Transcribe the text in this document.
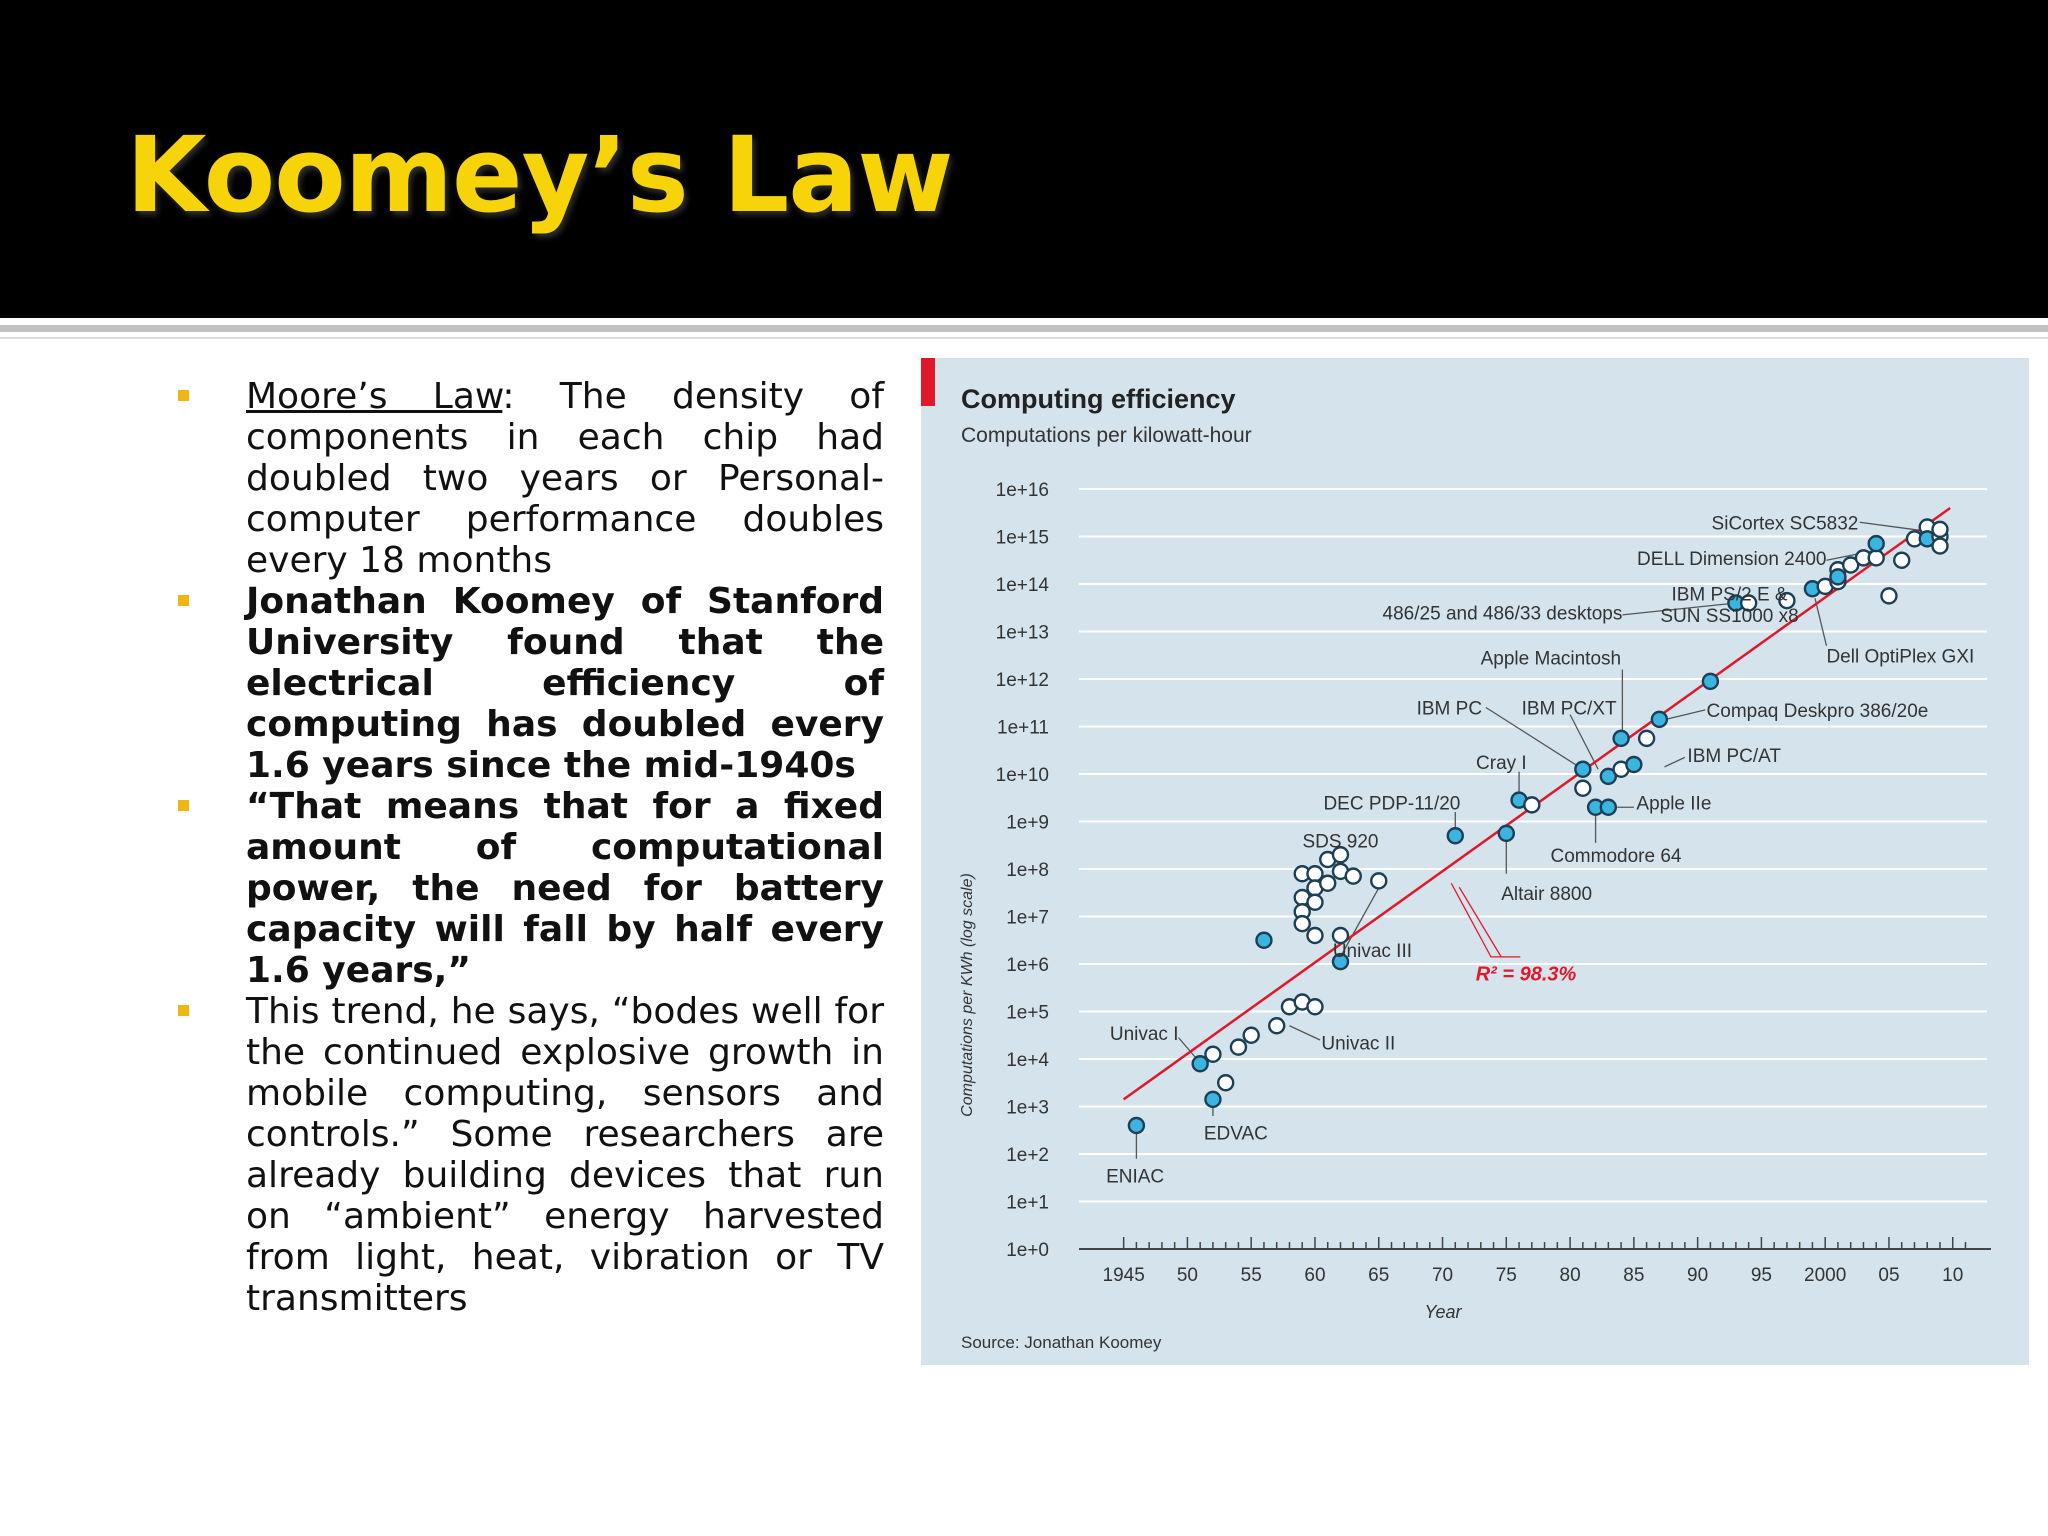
Koomey’s Law
Moore’s Law: The density of components in each chip had doubled two years or Personal-computer performance doubles every 18 months
Jonathan Koomey of Stanford University found that the electrical efficiency of computing has doubled every 1.6 years since the mid-1940s
“That means that for a fixed amount of computational power, the need for battery capacity will fall by half every 1.6 years,”
This trend, he says, “bodes well for the continued explosive growth in mobile computing, sensors and controls.” Some researchers are already building devices that run on “ambient” energy harvested from light, heat, vibration or TV transmitters
Computing efficiency
Computations per kilowatt-hour
1e+0
1e+1
1e+2
1e+3
1e+4
1e+5
1e+6
1e+7
1e+8
1e+9
1e+10
1e+11
1e+12
1e+13
1e+14
1e+15
1e+16
1945 50 55 60 65 70 75 80 85 90 95 2000 05 10
R² = 98.3%
ENIAC
EDVAC
Univac I	Univac II
Univac III
SDS 920
DEC PDP-11/20
Altair 8800
Cray I
IBM PC IBM PC/XT
Apple Macintosh
486/25 and 486/33 desktops
Commodore 64
Apple IIe
IBM PC/AT
Compaq Deskpro 386/20e
IBM PS/2 E &
SUN SS1000 x8
Dell OptiPlex GXI
DELL Dimension 2400
SiCortex SC5832
Year
Computations per KWh (log scale)
Source: Jonathan Koomey
